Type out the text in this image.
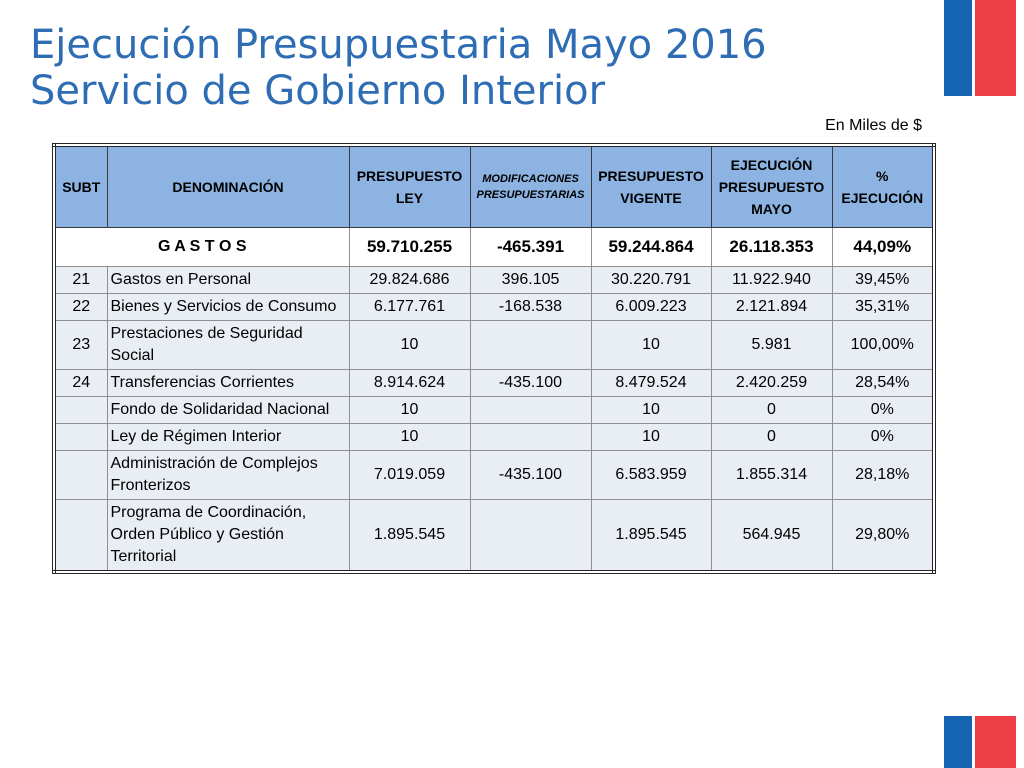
Ejecución Presupuestaria Mayo 2016
Servicio de Gobierno Interior
En Miles de $
SUBT	DENOMINACIÓN	PRESUPUESTO LEY	MODIFICACIONES PRESUPUESTARIAS	PRESUPUESTO VIGENTE	EJECUCIÓN PRESUPUESTO MAYO	% EJECUCIÓN
G A S T O S		59.710.255	-465.391	59.244.864	26.118.353	44,09%
21	Gastos en Personal	29.824.686	396.105	30.220.791	11.922.940	39,45%
22	Bienes y Servicios de Consumo	6.177.761	-168.538	6.009.223	2.121.894	35,31%
23	Prestaciones de Seguridad Social	10		10	5.981	100,00%
24	Transferencias Corrientes	8.914.624	-435.100	8.479.524	2.420.259	28,54%
	Fondo de Solidaridad Nacional	10		10	0	0%
	Ley de Régimen Interior	10		10	0	0%
	Administración de Complejos Fronterizos	7.019.059	-435.100	6.583.959	1.855.314	28,18%
	Programa de Coordinación, Orden Público y Gestión Territorial	1.895.545		1.895.545	564.945	29,80%
